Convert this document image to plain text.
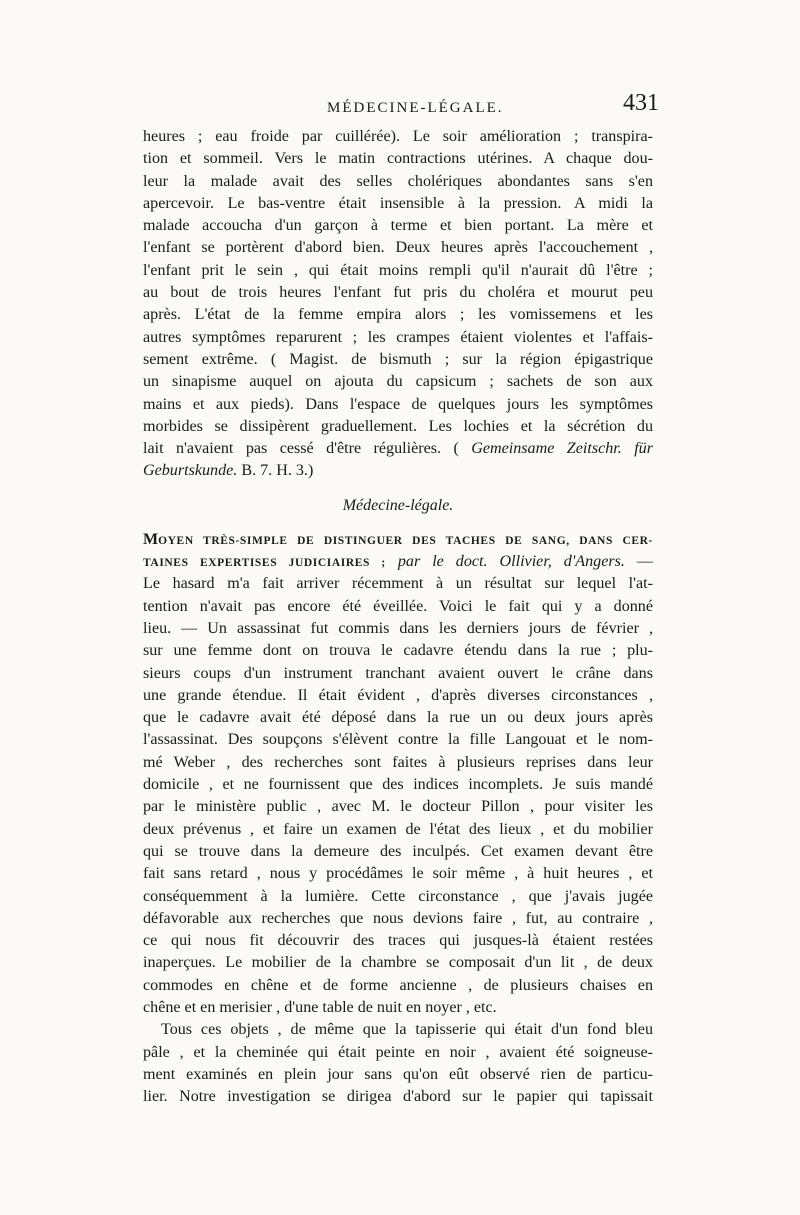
MÉDECINE-LÉGALE.	431
heures ; eau froide par cuillérée). Le soir amélioration ; transpira-
tion et sommeil. Vers le matin contractions utérines. A chaque dou-
leur la malade avait des selles cholériques abondantes sans s'en
apercevoir. Le bas-ventre était insensible à la pression. A midi la
malade accoucha d'un garçon à terme et bien portant. La mère et
l'enfant se portèrent d'abord bien. Deux heures après l'accouchement ,
l'enfant prit le sein , qui était moins rempli qu'il n'aurait dû l'être ;
au bout de trois heures l'enfant fut pris du choléra et mourut peu
après. L'état de la femme empira alors ; les vomissemens et les
autres symptômes reparurent ; les crampes étaient violentes et l'affais-
sement extrême. ( Magist. de bismuth ; sur la région épigastrique
un sinapisme auquel on ajouta du capsicum ; sachets de son aux
mains et aux pieds). Dans l'espace de quelques jours les symptômes
morbides se dissipèrent graduellement. Les lochies et la sécrétion du
lait n'avaient pas cessé d'être régulières. ( Gemeinsame Zeitschr. für
Geburtskunde. B. 7. H. 3.)
Médecine-légale.
MOYEN TRÈS-SIMPLE DE DISTINGUER DES TACHES DE SANG, DANS CER-
TAINES EXPERTISES JUDICIAIRES ; par le doct. Ollivier, d'Angers. —
Le hasard m'a fait arriver récemment à un résultat sur lequel l'at-
tention n'avait pas encore été éveillée. Voici le fait qui y a donné
lieu. — Un assassinat fut commis dans les derniers jours de février ,
sur une femme dont on trouva le cadavre étendu dans la rue ; plu-
sieurs coups d'un instrument tranchant avaient ouvert le crâne dans
une grande étendue. Il était évident , d'après diverses circonstances ,
que le cadavre avait été déposé dans la rue un ou deux jours après
l'assassinat. Des soupçons s'élèvent contre la fille Langouat et le nom-
mé Weber , des recherches sont faites à plusieurs reprises dans leur
domicile , et ne fournissent que des indices incomplets. Je suis mandé
par le ministère public , avec M. le docteur Pillon , pour visiter les
deux prévenus , et faire un examen de l'état des lieux , et du mobilier
qui se trouve dans la demeure des inculpés. Cet examen devant être
fait sans retard , nous y procédâmes le soir même , à huit heures , et
conséquemment à la lumière. Cette circonstance , que j'avais jugée
défavorable aux recherches que nous devions faire , fut, au contraire ,
ce qui nous fit découvrir des traces qui jusques-là étaient restées
inaperçues. Le mobilier de la chambre se composait d'un lit , de deux
commodes en chêne et de forme ancienne , de plusieurs chaises en
chêne et en merisier , d'une table de nuit en noyer , etc.
Tous ces objets , de même que la tapisserie qui était d'un fond bleu
pâle , et la cheminée qui était peinte en noir , avaient été soigneuse-
ment examinés en plein jour sans qu'on eût observé rien de particu-
lier. Notre investigation se dirigea d'abord sur le papier qui tapissait
